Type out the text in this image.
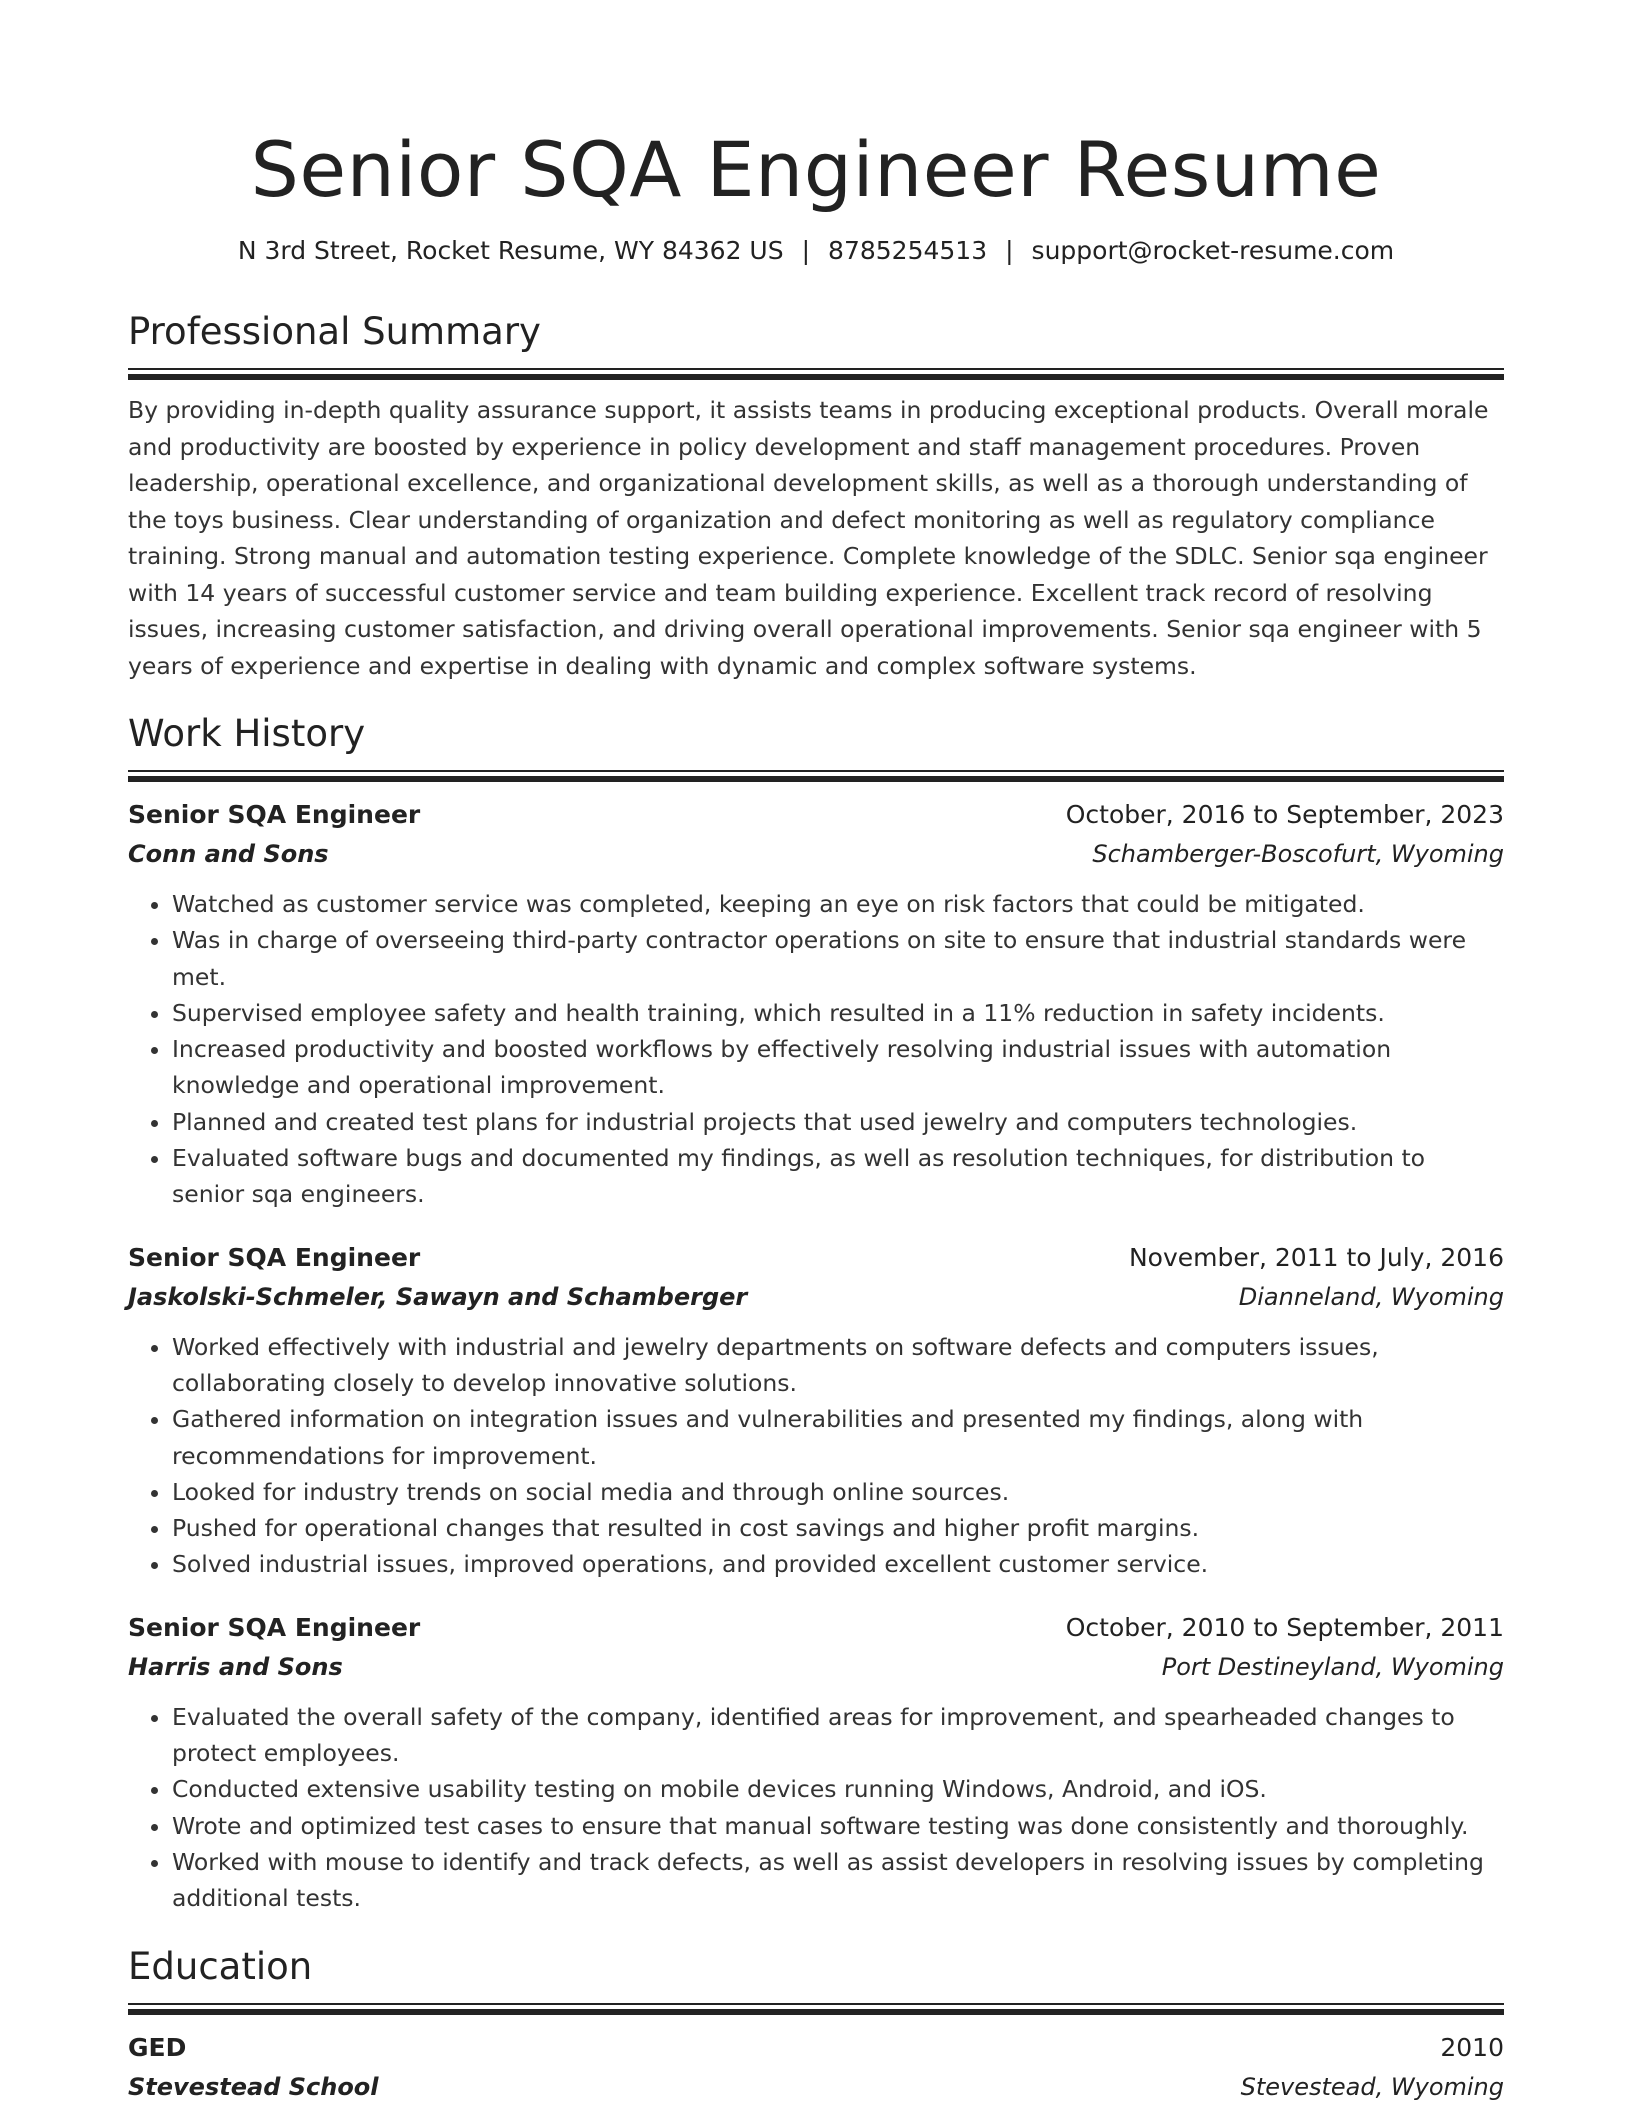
Senior SQA Engineer Resume
N 3rd Street, Rocket Resume, WY 84362 US | 8785254513 | support@rocket-resume.com
Professional Summary

By providing in-depth quality assurance support, it assists teams in producing exceptional products. Overall morale and productivity are boosted by experience in policy development and staff management procedures. Proven leadership, operational excellence, and organizational development skills, as well as a thorough understanding of the toys business. Clear understanding of organization and defect monitoring as well as regulatory compliance training. Strong manual and automation testing experience. Complete knowledge of the SDLC. Senior sqa engineer with 14 years of successful customer service and team building experience. Excellent track record of resolving issues, increasing customer satisfaction, and driving overall operational improvements. Senior sqa engineer with 5 years of experience and expertise in dealing with dynamic and complex software systems.

Work History
Senior SQA Engineer	October, 2016 to September, 2023
Conn and Sons	Schamberger-Boscofurt, Wyoming
• Watched as customer service was completed, keeping an eye on risk factors that could be mitigated.
• Was in charge of overseeing third-party contractor operations on site to ensure that industrial standards were met.
• Supervised employee safety and health training, which resulted in a 11% reduction in safety incidents.
• Increased productivity and boosted workflows by effectively resolving industrial issues with automation knowledge and operational improvement.
• Planned and created test plans for industrial projects that used jewelry and computers technologies.
• Evaluated software bugs and documented my findings, as well as resolution techniques, for distribution to senior sqa engineers.
Senior SQA Engineer	November, 2011 to July, 2016
Jaskolski-Schmeler, Sawayn and Schamberger	Dianneland, Wyoming
• Worked effectively with industrial and jewelry departments on software defects and computers issues, collaborating closely to develop innovative solutions.
• Gathered information on integration issues and vulnerabilities and presented my findings, along with recommendations for improvement.
• Looked for industry trends on social media and through online sources.
• Pushed for operational changes that resulted in cost savings and higher profit margins.
• Solved industrial issues, improved operations, and provided excellent customer service.
Senior SQA Engineer	October, 2010 to September, 2011
Harris and Sons	Port Destineyland, Wyoming
• Evaluated the overall safety of the company, identified areas for improvement, and spearheaded changes to protect employees.
• Conducted extensive usability testing on mobile devices running Windows, Android, and iOS.
• Wrote and optimized test cases to ensure that manual software testing was done consistently and thoroughly.
• Worked with mouse to identify and track defects, as well as assist developers in resolving issues by completing additional tests.
Education
GED	2010
Stevestead School	Stevestead, Wyoming
